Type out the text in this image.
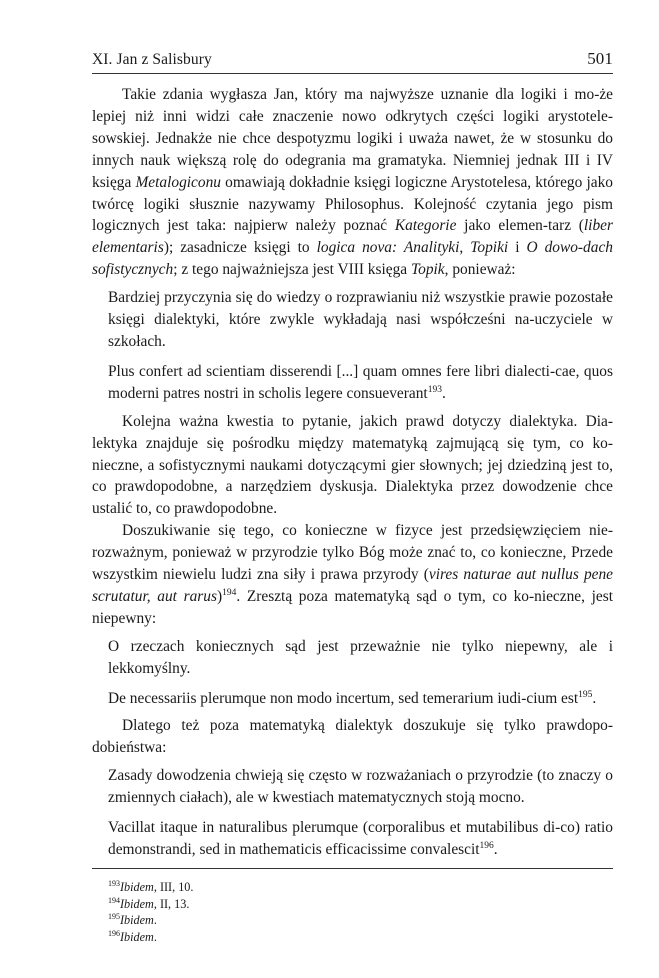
XI. Jan z Salisbury	501

Takie zdania wygłasza Jan, który ma najwyższe uznanie dla logiki i mo-że lepiej niż inni widzi całe znaczenie nowo odkrytych części logiki arystotele-sowskiej. Jednakże nie chce despotyzmu logiki i uważa nawet, że w stosunku do innych nauk większą rolę do odegrania ma gramatyka. Niemniej jednak III i IV księga Metalogiconu omawiają dokładnie księgi logiczne Arystotelesa, którego jako twórcę logiki słusznie nazywamy Philosophus. Kolejność czytania jego pism logicznych jest taka: najpierw należy poznać Kategorie jako elemen-tarz (liber elementaris); zasadnicze księgi to logica nova: Analityki, Topiki i O dowo-dach sofistycznych; z tego najważniejsza jest VIII księga Topik, ponieważ:

Bardziej przyczynia się do wiedzy o rozprawianiu niż wszystkie prawie pozostałe księgi dialektyki, które zwykle wykładają nasi współcześni na-uczyciele w szkołach.

Plus confert ad scientiam disserendi [...] quam omnes fere libri dialecti-cae, quos moderni patres nostri in scholis legere consueverant$^{193}$.

Kolejna ważna kwestia to pytanie, jakich prawd dotyczy dialektyka. Dia-lektyka znajduje się pośrodku między matematyką zajmującą się tym, co ko-nieczne, a sofistycznymi naukami dotyczącymi gier słownych; jej dziedziną jest to, co prawdopodobne, a narzędziem dyskusja. Dialektyka przez dowodzenie chce ustalić to, co prawdopodobne.

Doszukiwanie się tego, co konieczne w fizyce jest przedsięwzięciem nie-rozważnym, ponieważ w przyrodzie tylko Bóg może znać to, co konieczne, Przede wszystkim niewielu ludzi zna siły i prawa przyrody (vires naturae aut nullus pene scrutatur, aut rarus)$^{194}$. Zresztą poza matematyką sąd o tym, co ko-nieczne, jest niepewny:

O rzeczach koniecznych sąd jest przeważnie nie tylko niepewny, ale i lekkomyślny.

De necessariis plerumque non modo incertum, sed temerarium iudi-cium est$^{195}$.

Dlatego też poza matematyką dialektyk doszukuje się tylko prawdopo-dobieństwa:

Zasady dowodzenia chwieją się często w rozważaniach o przyrodzie (to znaczy o zmiennych ciałach), ale w kwestiach matematycznych stoją mocno.

Vacillat itaque in naturalibus plerumque (corporalibus et mutabilibus di-co) ratio demonstrandi, sed in mathematicis efficacissime convalescit$^{196}$.

$^{193}$Ibidem, III, 10.
$^{194}$Ibidem, II, 13.
$^{195}$Ibidem.
$^{196}$Ibidem.
